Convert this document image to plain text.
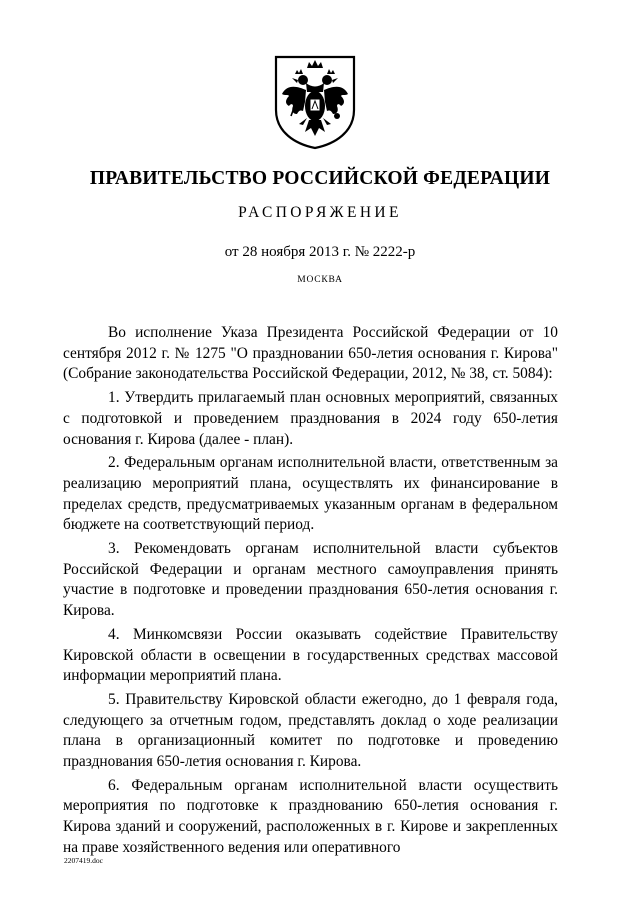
ПРАВИТЕЛЬСТВО РОССИЙСКОЙ ФЕДЕРАЦИИ
РАСПОРЯЖЕНИЕ
от 28 ноября 2013 г. № 2222-р
МОСКВА

Во исполнение Указа Президента Российской Федерации от 10 сентября 2012 г. № 1275 "О праздновании 650-летия основания г. Кирова" (Собрание законодательства Российской Федерации, 2012, № 38, ст. 5084):

1. Утвердить прилагаемый план основных мероприятий, связанных с подготовкой и проведением празднования в 2024 году 650-летия основания г. Кирова (далее - план).

2. Федеральным органам исполнительной власти, ответственным за реализацию мероприятий плана, осуществлять их финансирование в пределах средств, предусматриваемых указанным органам в федеральном бюджете на соответствующий период.

3. Рекомендовать органам исполнительной власти субъектов Российской Федерации и органам местного самоуправления принять участие в подготовке и проведении празднования 650-летия основания г. Кирова.

4. Минкомсвязи России оказывать содействие Правительству Кировской области в освещении в государственных средствах массовой информации мероприятий плана.

5. Правительству Кировской области ежегодно, до 1 февраля года, следующего за отчетным годом, представлять доклад о ходе реализации плана в организационный комитет по подготовке и проведению празднования 650-летия основания г. Кирова.

6. Федеральным органам исполнительной власти осуществить мероприятия по подготовке к празднованию 650-летия основания г. Кирова зданий и сооружений, расположенных в г. Кирове и закрепленных на праве хозяйственного ведения или оперативного

2207419.doc
